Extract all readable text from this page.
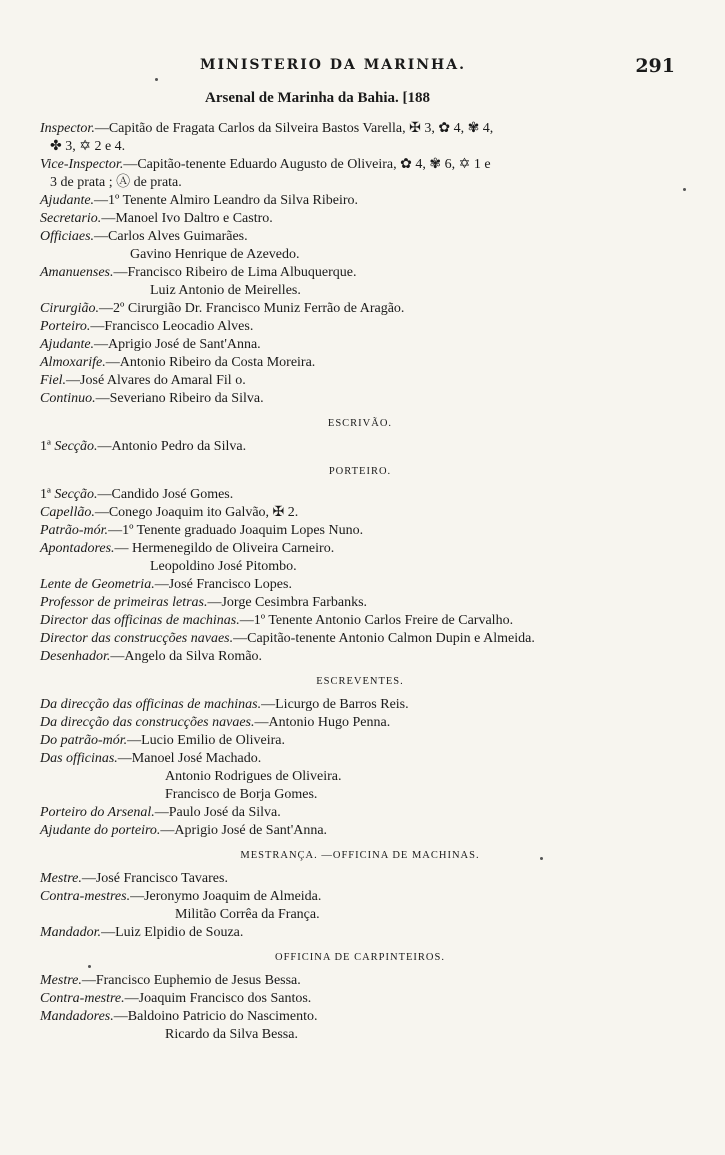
MINISTERIO DA MARINHA.	291
Arsenal de Marinha da Bahia. [188
Inspector.—Capitão de Fragata Carlos da Silveira Bastos Varella, ✠ 3, ✿ 4, ✾ 4,
✤ 3, ✡ 2 e 4.
Vice-Inspector.—Capitão-tenente Eduardo Augusto de Oliveira, ✿ 4, ✾ 6, ✡ 1 e
3 de prata ; Ⓐ de prata.
Ajudante.—1º Tenente Almiro Leandro da Silva Ribeiro.
Secretario.—Manoel Ivo Daltro e Castro.
Officiaes.—Carlos Alves Guimarães.
Gavino Henrique de Azevedo.
Amanuenses.—Francisco Ribeiro de Lima Albuquerque.
Luiz Antonio de Meirelles.
Cirurgião.—2º Cirurgião Dr. Francisco Muniz Ferrão de Aragão.
Porteiro.—Francisco Leocadio Alves.
Ajudante.—Aprigio José de Sant'Anna.
Almoxarife.—Antonio Ribeiro da Costa Moreira.
Fiel.—José Alvares do Amaral Fil o.
Continuo.—Severiano Ribeiro da Silva.
ESCRIVÃO.
1ª Secção.—Antonio Pedro da Silva.
PORTEIRO.
1ª Secção.—Candido José Gomes.
Capellão.—Conego Joaquim ito Galvão, ✠ 2.
Patrão-mór.—1º Tenente graduado Joaquim Lopes Nuno.
Apontadores.— Hermenegildo de Oliveira Carneiro.
Leopoldino José Pitombo.
Lente de Geometria.—José Francisco Lopes.
Professor de primeiras letras.—Jorge Cesimbra Farbanks.
Director das officinas de machinas.—1º Tenente Antonio Carlos Freire de Carvalho.
Director das construcções navaes.—Capitão-tenente Antonio Calmon Dupin e Almeida.
Desenhador.—Angelo da Silva Romão.
ESCREVENTES.
Da direcção das officinas de machinas.—Licurgo de Barros Reis.
Da direcção das construcções navaes.—Antonio Hugo Penna.
Do patrão-mór.—Lucio Emilio de Oliveira.
Das officinas.—Manoel José Machado.
Antonio Rodrigues de Oliveira.
Francisco de Borja Gomes.
Porteiro do Arsenal.—Paulo José da Silva.
Ajudante do porteiro.—Aprigio José de Sant'Anna.
MESTRANÇA. —OFFICINA DE MACHINAS.
Mestre.—José Francisco Tavares.
Contra-mestres.—Jeronymo Joaquim de Almeida.
Militão Corrêa da França.
Mandador.—Luiz Elpidio de Souza.
OFFICINA DE CARPINTEIROS.
Mestre.—Francisco Euphemio de Jesus Bessa.
Contra-mestre.—Joaquim Francisco dos Santos.
Mandadores.—Baldoino Patricio do Nascimento.
Ricardo da Silva Bessa.
